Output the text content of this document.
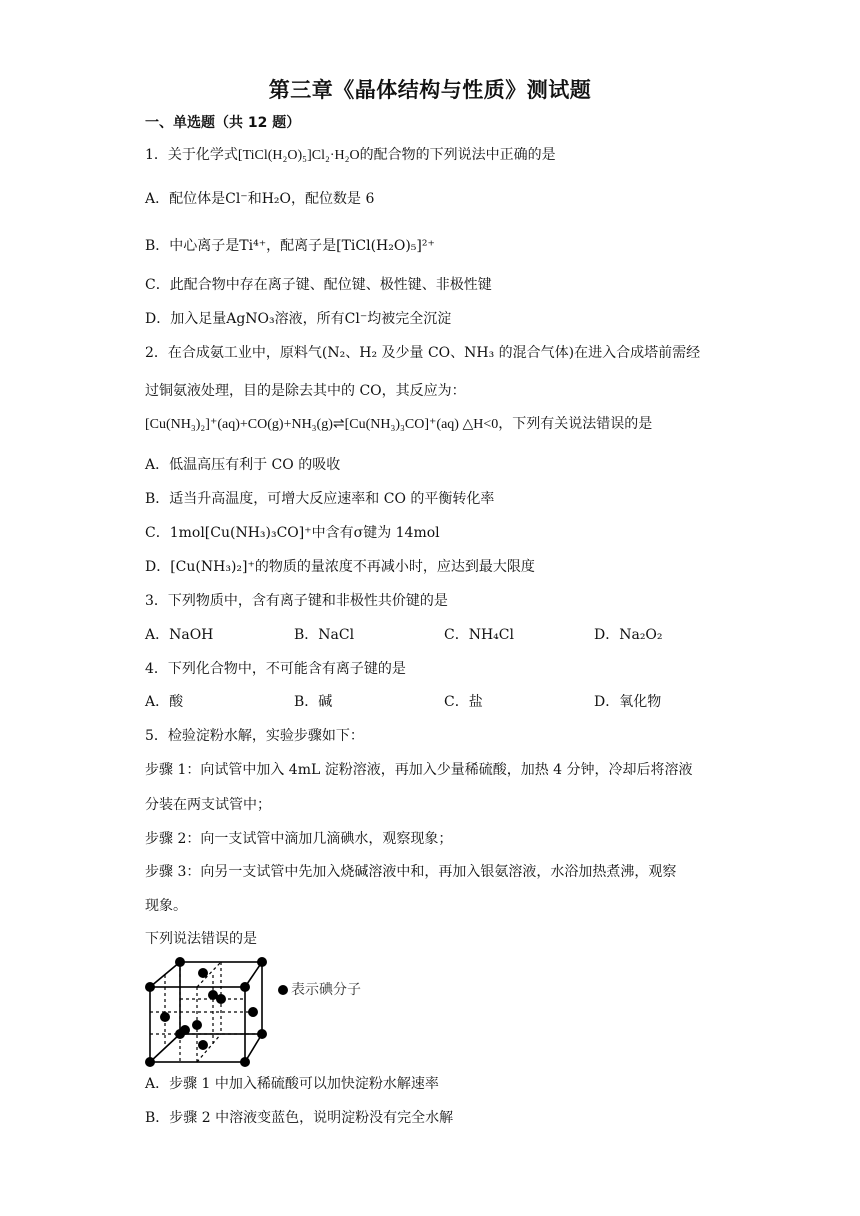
第三章《晶体结构与性质》测试题
一、单选题（共 12 题）
1．关于化学式[TiCl(H₂O)₅]Cl₂·H₂O的配合物的下列说法中正确的是
A．配位体是Cl⁻和H₂O，配位数是 6
B．中心离子是Ti⁴⁺，配离子是[TiCl(H₂O)₅]²⁺
C．此配合物中存在离子键、配位键、极性键、非极性键
D．加入足量AgNO₃溶液，所有Cl⁻均被完全沉淀
2．在合成氨工业中，原料气(N₂、H₂ 及少量 CO、NH₃ 的混合气体)在进入合成塔前需经
过铜氨液处理，目的是除去其中的 CO，其反应为：
[Cu(NH₃)₂]⁺(aq)+CO(g)+NH₃(g)⇌[Cu(NH₃)₃CO]⁺(aq) △H<0，下列有关说法错误的是
A．低温高压有利于 CO 的吸收
B．适当升高温度，可增大反应速率和 CO 的平衡转化率
C．1mol[Cu(NH₃)₃CO]⁺中含有σ键为 14mol
D．[Cu(NH₃)₂]⁺的物质的量浓度不再减小时，应达到最大限度
3．下列物质中，含有离子键和非极性共价键的是
A．NaOH	B．NaCl	C．NH₄Cl	D．Na₂O₂
4．下列化合物中，不可能含有离子键的是
A．酸	B．碱	C．盐	D．氧化物
5．检验淀粉水解，实验步骤如下：
步骤 1：向试管中加入 4mL 淀粉溶液，再加入少量稀硫酸，加热 4 分钟，冷却后将溶液
分装在两支试管中；
步骤 2：向一支试管中滴加几滴碘水，观察现象；
步骤 3：向另一支试管中先加入烧碱溶液中和，再加入银氨溶液，水浴加热煮沸，观察
现象。
下列说法错误的是
表示碘分子
A．步骤 1 中加入稀硫酸可以加快淀粉水解速率
B．步骤 2 中溶液变蓝色，说明淀粉没有完全水解
